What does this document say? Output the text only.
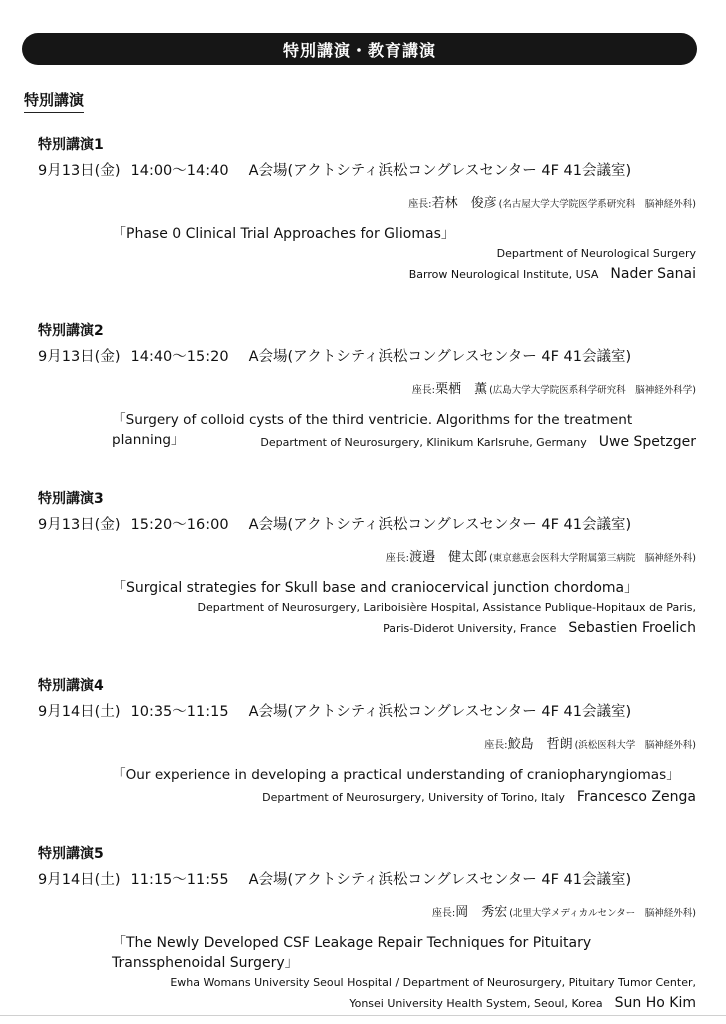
特別講演・教育講演
特別講演
特別講演1
9月13日(金) 14:00〜14:40 A会場(アクトシティ浜松コングレスセンター 4F 41会議室)
座長:若林　俊彦 (名古屋大学大学院医学系研究科　脳神経外科)
「Phase 0 Clinical Trial Approaches for Gliomas」
Department of Neurological Surgery
Barrow Neurological Institute, USA Nader Sanai
特別講演2
9月13日(金) 14:40〜15:20 A会場(アクトシティ浜松コングレスセンター 4F 41会議室)
座長:栗栖　薫 (広島大学大学院医系科学研究科　脳神経外科学)
「Surgery of colloid cysts of the third ventricie. Algorithms for the treatment planning」	Department of Neurosurgery, Klinikum Karlsruhe, Germany Uwe Spetzger
特別講演3
9月13日(金) 15:20〜16:00 A会場(アクトシティ浜松コングレスセンター 4F 41会議室)
座長:渡邉　健太郎 (東京慈恵会医科大学附属第三病院　脳神経外科)
「Surgical strategies for Skull base and craniocervical junction chordoma」
Department of Neurosurgery, Lariboisière Hospital, Assistance Publique-Hopitaux de Paris,
Paris-Diderot University, France Sebastien Froelich
特別講演4
9月14日(土) 10:35〜11:15 A会場(アクトシティ浜松コングレスセンター 4F 41会議室)
座長:鮫島　哲朗 (浜松医科大学　脳神経外科)
「Our experience in developing a practical understanding of craniopharyngiomas」
Department of Neurosurgery, University of Torino, Italy Francesco Zenga
特別講演5
9月14日(土) 11:15〜11:55 A会場(アクトシティ浜松コングレスセンター 4F 41会議室)
座長:岡　秀宏 (北里大学メディカルセンター　脳神経外科)
「The Newly Developed CSF Leakage Repair Techniques for Pituitary
Transsphenoidal Surgery」
Ewha Womans University Seoul Hospital / Department of Neurosurgery, Pituitary Tumor Center,
Yonsei University Health System, Seoul, Korea Sun Ho Kim
